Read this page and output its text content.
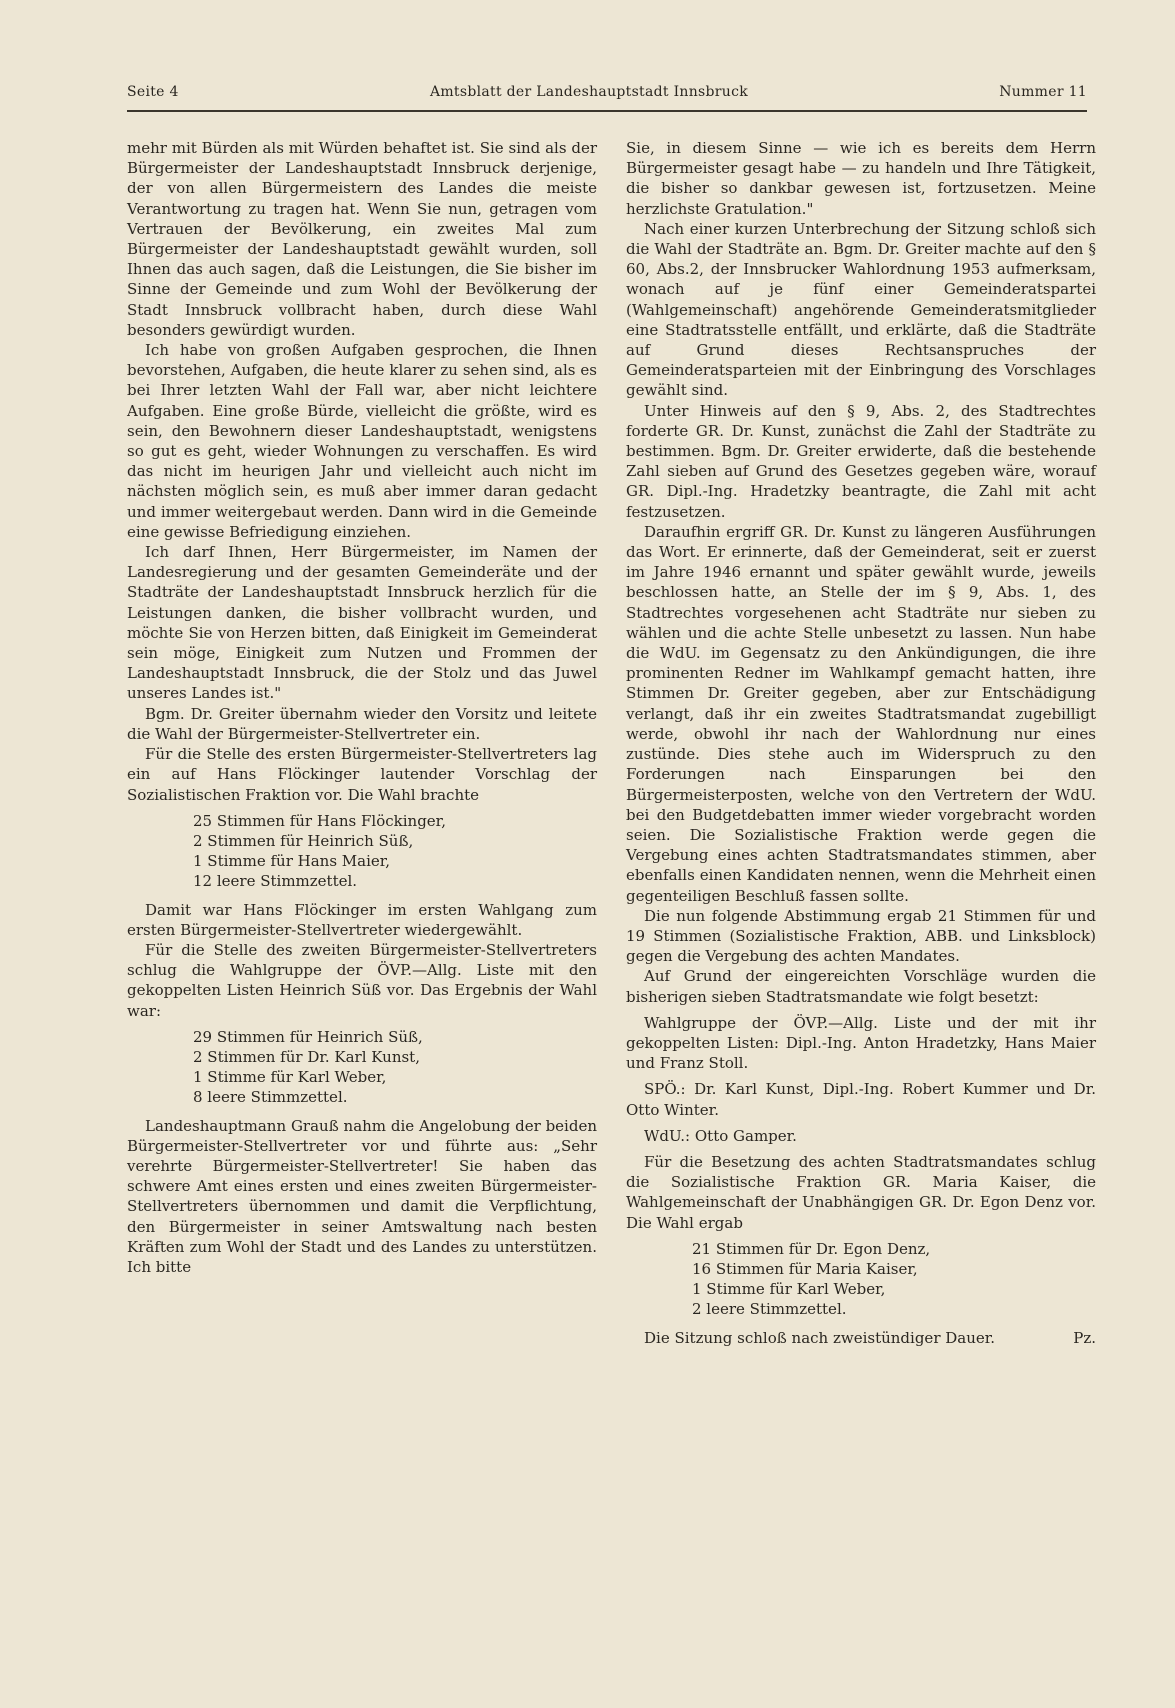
Seite 4	Amtsblatt der Landeshauptstadt Innsbruck	Nummer 11

mehr mit Bürden als mit Würden behaftet ist. Sie sind als der Bürgermeister der Landeshauptstadt Innsbruck derjenige, der von allen Bürgermeistern des Landes die meiste Verantwortung zu tragen hat. Wenn Sie nun, getragen vom Vertrauen der Bevölkerung, ein zweites Mal zum Bürgermeister der Landeshauptstadt gewählt wurden, soll Ihnen das auch sagen, daß die Leistungen, die Sie bisher im Sinne der Gemeinde und zum Wohl der Bevölkerung der Stadt Innsbruck vollbracht haben, durch diese Wahl besonders gewürdigt wurden.

Ich habe von großen Aufgaben gesprochen, die Ihnen bevorstehen, Aufgaben, die heute klarer zu sehen sind, als es bei Ihrer letzten Wahl der Fall war, aber nicht leichtere Aufgaben. Eine große Bürde, vielleicht die größte, wird es sein, den Bewohnern dieser Landeshauptstadt, wenigstens so gut es geht, wieder Wohnungen zu verschaffen. Es wird das nicht im heurigen Jahr und vielleicht auch nicht im nächsten möglich sein, es muß aber immer daran gedacht und immer weitergebaut werden. Dann wird in die Gemeinde eine gewisse Befriedigung einziehen.

Ich darf Ihnen, Herr Bürgermeister, im Namen der Landesregierung und der gesamten Gemeinderäte und der Stadträte der Landeshauptstadt Innsbruck herzlich für die Leistungen danken, die bisher vollbracht wurden, und möchte Sie von Herzen bitten, daß Einigkeit im Gemeinderat sein möge, Einigkeit zum Nutzen und Frommen der Landeshauptstadt Innsbruck, die der Stolz und das Juwel unseres Landes ist."

Bgm. Dr. Greiter übernahm wieder den Vorsitz und leitete die Wahl der Bürgermeister-Stellvertreter ein.

Für die Stelle des ersten Bürgermeister-Stellvertreters lag ein auf Hans Flöckinger lautender Vorschlag der Sozialistischen Fraktion vor. Die Wahl brachte

25 Stimmen für Hans Flöckinger,
2 Stimmen für Heinrich Süß,
1 Stimme für Hans Maier,
12 leere Stimmzettel.

Damit war Hans Flöckinger im ersten Wahlgang zum ersten Bürgermeister-Stellvertreter wiedergewählt.

Für die Stelle des zweiten Bürgermeister-Stellvertreters schlug die Wahlgruppe der ÖVP.—Allg. Liste mit den gekoppelten Listen Heinrich Süß vor. Das Ergebnis der Wahl war:

29 Stimmen für Heinrich Süß,
2 Stimmen für Dr. Karl Kunst,
1 Stimme für Karl Weber,
8 leere Stimmzettel.

Landeshauptmann Grauß nahm die Angelobung der beiden Bürgermeister-Stellvertreter vor und führte aus: „Sehr verehrte Bürgermeister-Stellvertreter! Sie haben das schwere Amt eines ersten und eines zweiten Bürgermeister-Stellvertreters übernommen und damit die Verpflichtung, den Bürgermeister in seiner Amtswaltung nach besten Kräften zum Wohl der Stadt und des Landes zu unterstützen. Ich bitte

Sie, in diesem Sinne — wie ich es bereits dem Herrn Bürgermeister gesagt habe — zu handeln und Ihre Tätigkeit, die bisher so dankbar gewesen ist, fortzusetzen. Meine herzlichste Gratulation."

Nach einer kurzen Unterbrechung der Sitzung schloß sich die Wahl der Stadträte an. Bgm. Dr. Greiter machte auf den § 60, Abs.2, der Innsbrucker Wahlordnung 1953 aufmerksam, wonach auf je fünf einer Gemeinderatspartei (Wahlgemeinschaft) angehörende Gemeinderatsmitglieder eine Stadtratsstelle entfällt, und erklärte, daß die Stadträte auf Grund dieses Rechtsanspruches der Gemeinderatsparteien mit der Einbringung des Vorschlages gewählt sind.

Unter Hinweis auf den § 9, Abs. 2, des Stadtrechtes forderte GR. Dr. Kunst, zunächst die Zahl der Stadträte zu bestimmen. Bgm. Dr. Greiter erwiderte, daß die bestehende Zahl sieben auf Grund des Gesetzes gegeben wäre, worauf GR. Dipl.-Ing. Hradetzky beantragte, die Zahl mit acht festzusetzen.

Daraufhin ergriff GR. Dr. Kunst zu längeren Ausführungen das Wort. Er erinnerte, daß der Gemeinderat, seit er zuerst im Jahre 1946 ernannt und später gewählt wurde, jeweils beschlossen hatte, an Stelle der im § 9, Abs. 1, des Stadtrechtes vorgesehenen acht Stadträte nur sieben zu wählen und die achte Stelle unbesetzt zu lassen. Nun habe die WdU. im Gegensatz zu den Ankündigungen, die ihre prominenten Redner im Wahlkampf gemacht hatten, ihre Stimmen Dr. Greiter gegeben, aber zur Entschädigung verlangt, daß ihr ein zweites Stadtratsmandat zugebilligt werde, obwohl ihr nach der Wahlordnung nur eines zustünde. Dies stehe auch im Widerspruch zu den Forderungen nach Einsparungen bei den Bürgermeisterposten, welche von den Vertretern der WdU. bei den Budgetdebatten immer wieder vorgebracht worden seien. Die Sozialistische Fraktion werde gegen die Vergebung eines achten Stadtratsmandates stimmen, aber ebenfalls einen Kandidaten nennen, wenn die Mehrheit einen gegenteiligen Beschluß fassen sollte.

Die nun folgende Abstimmung ergab 21 Stimmen für und 19 Stimmen (Sozialistische Fraktion, ABB. und Linksblock) gegen die Vergebung des achten Mandates.

Auf Grund der eingereichten Vorschläge wurden die bisherigen sieben Stadtratsmandate wie folgt besetzt:

Wahlgruppe der ÖVP.—Allg. Liste und der mit ihr gekoppelten Listen: Dipl.-Ing. Anton Hradetzky, Hans Maier und Franz Stoll.

SPÖ.: Dr. Karl Kunst, Dipl.-Ing. Robert Kummer und Dr. Otto Winter.

WdU.: Otto Gamper.

Für die Besetzung des achten Stadtratsmandates schlug die Sozialistische Fraktion GR. Maria Kaiser, die Wahlgemeinschaft der Unabhängigen GR. Dr. Egon Denz vor. Die Wahl ergab

21 Stimmen für Dr. Egon Denz,
16 Stimmen für Maria Kaiser,
1 Stimme für Karl Weber,
2 leere Stimmzettel.
Die Sitzung schloß nach zweistündiger Dauer.	Pz.
